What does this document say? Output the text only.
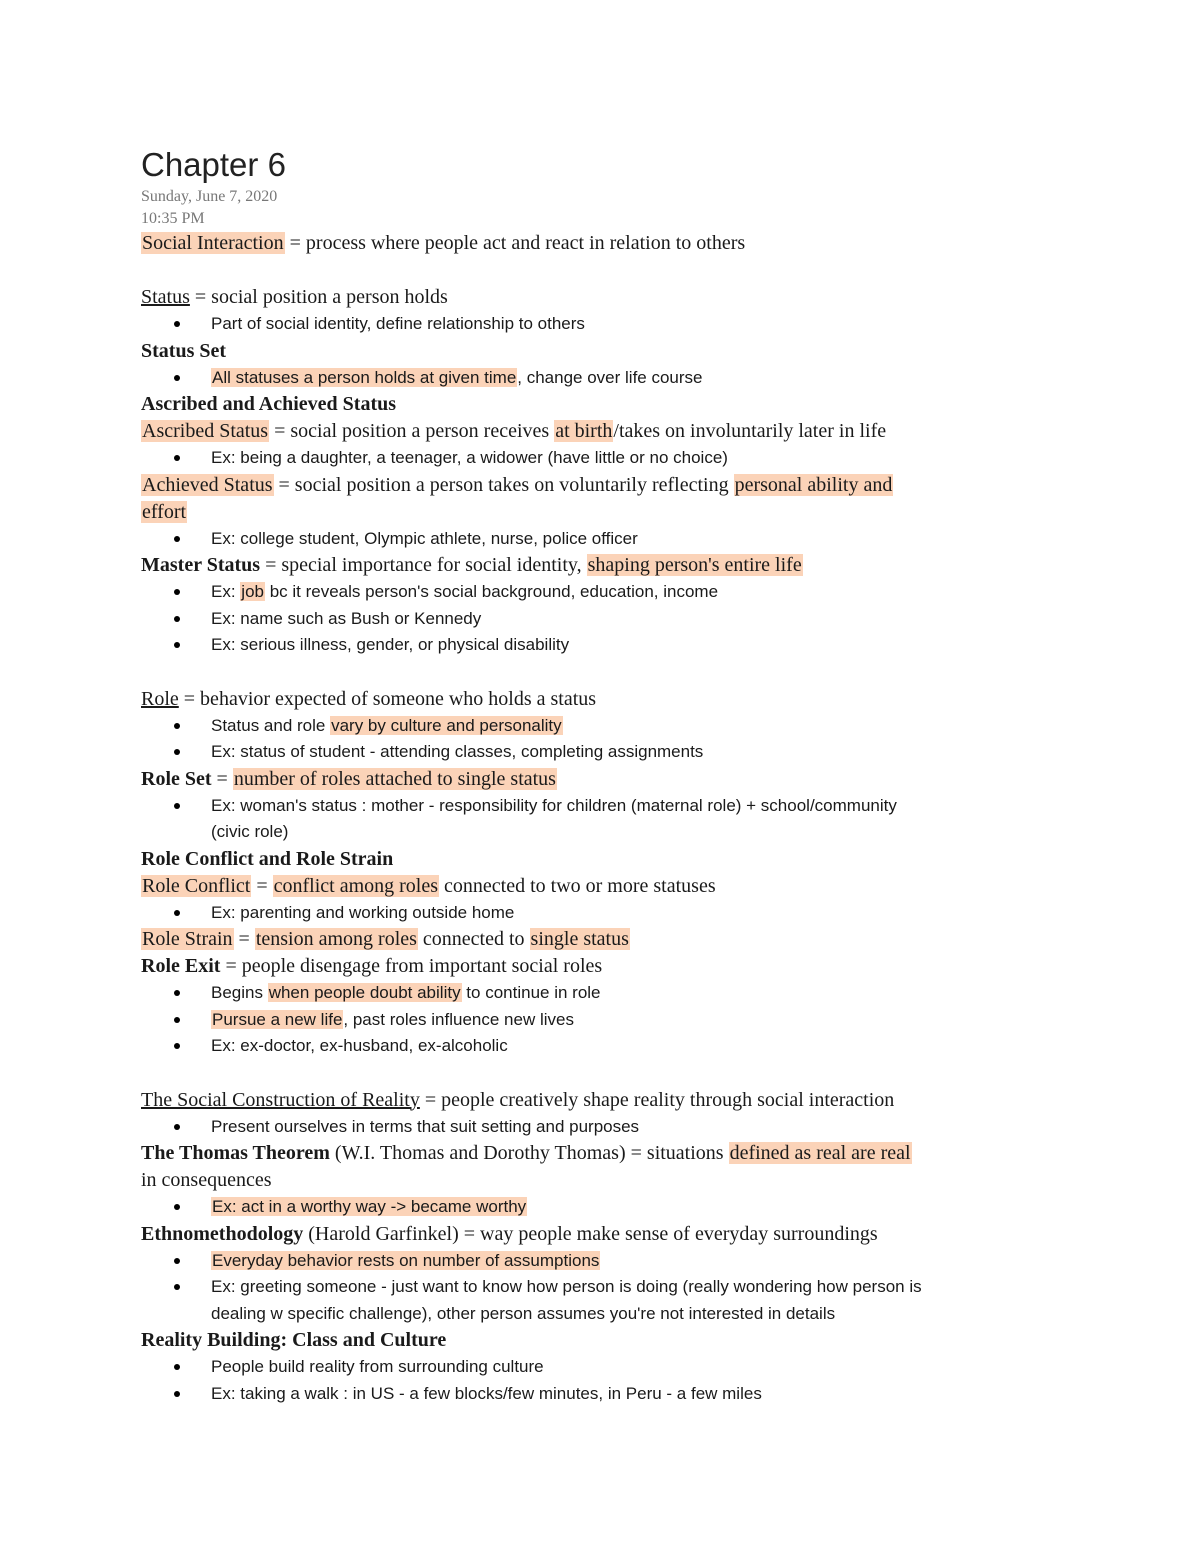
Chapter 6
Sunday, June 7, 2020
10:35 PM

Social Interaction = process where people act and react in relation to others

Status = social position a person holds

Part of social identity, define relationship to others

Status Set

All statuses a person holds at given time, change over life course

Ascribed and Achieved Status

Ascribed Status = social position a person receives at birth/takes on involuntarily later in life

Ex: being a daughter, a teenager, a widower (have little or no choice)

Achieved Status = social position a person takes on voluntarily reflecting personal ability and

effort

Ex: college student, Olympic athlete, nurse, police officer

Master Status = special importance for social identity, shaping person's entire life

Ex: job bc it reveals person's social background, education, income
Ex: name such as Bush or Kennedy
Ex: serious illness, gender, or physical disability

Role = behavior expected of someone who holds a status

Status and role vary by culture and personality
Ex: status of student - attending classes, completing assignments

Role Set = number of roles attached to single status

Ex: woman's status : mother - responsibility for children (maternal role) + school/community
(civic role)

Role Conflict and Role Strain

Role Conflict = conflict among roles connected to two or more statuses

Ex: parenting and working outside home

Role Strain = tension among roles connected to single status

Role Exit = people disengage from important social roles

Begins when people doubt ability to continue in role
Pursue a new life, past roles influence new lives
Ex: ex-doctor, ex-husband, ex-alcoholic

The Social Construction of Reality = people creatively shape reality through social interaction

Present ourselves in terms that suit setting and purposes

The Thomas Theorem (W.I. Thomas and Dorothy Thomas) = situations defined as real are real

in consequences

Ex: act in a worthy way -> became worthy

Ethnomethodology (Harold Garfinkel) = way people make sense of everyday surroundings

Everyday behavior rests on number of assumptions
Ex: greeting someone - just want to know how person is doing (really wondering how person is
dealing w specific challenge), other person assumes you're not interested in details

Reality Building: Class and Culture

People build reality from surrounding culture
Ex: taking a walk : in US - a few blocks/few minutes, in Peru - a few miles
